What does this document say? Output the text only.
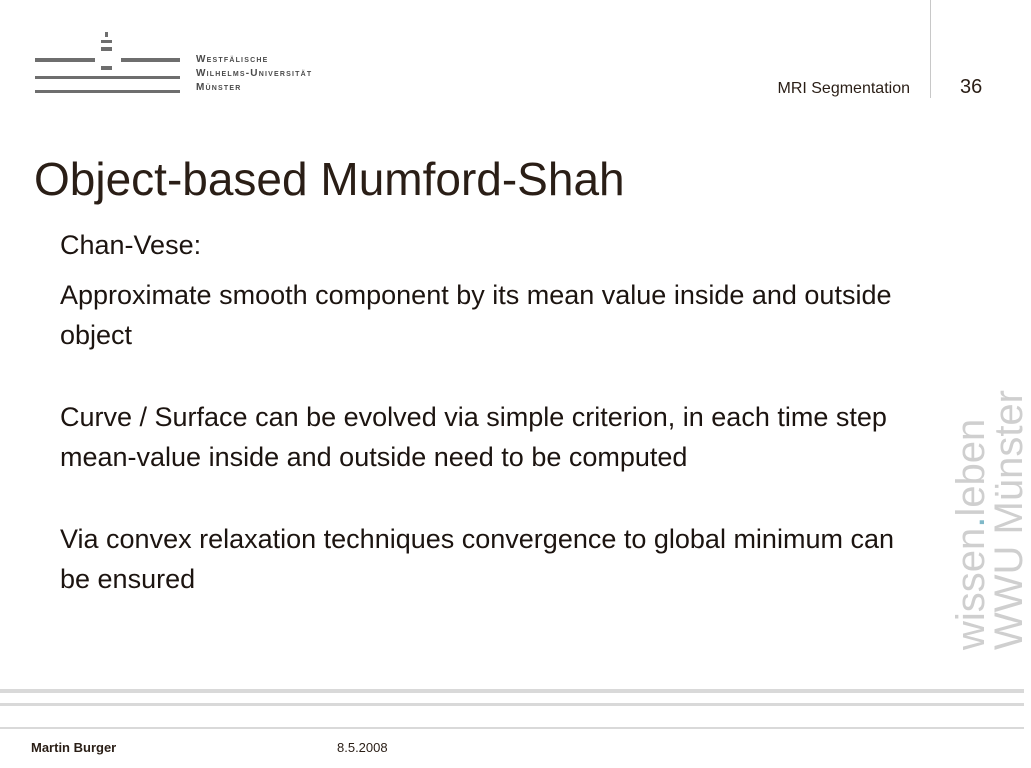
Westfälische
Wilhelms-Universität
Münster	MRI Segmentation	36
Object-based Mumford-Shah

Chan-Vese:

Approximate smooth component by its mean value inside and outside object

Curve / Surface can be evolved via simple criterion, in each time step mean-value inside and outside need to be computed

Via convex relaxation techniques convergence to global minimum can be ensured	wissen.leben
WWU Münster
Martin Burger	8.5.2008
